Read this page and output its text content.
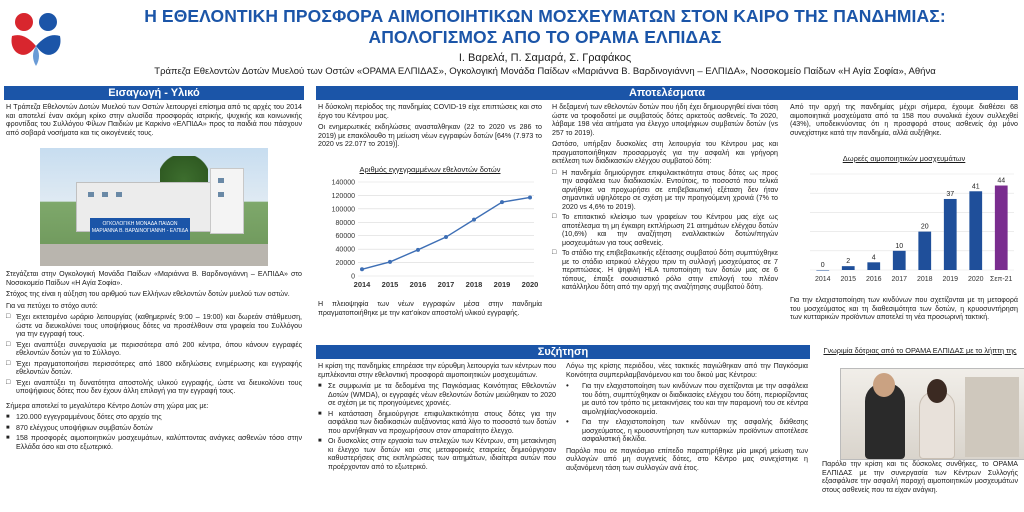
Η ΕΘΕΛΟΝΤΙΚΗ ΠΡΟΣΦΟΡΑ ΑΙΜΟΠΟΙΗΤΙΚΩΝ ΜΟΣΧΕΥΜΑΤΩΝ ΣΤΟΝ ΚΑΙΡΟ ΤΗΣ ΠΑΝΔΗΜΙΑΣ:
ΑΠΟΛΟΓΙΣΜΟΣ ΑΠΟ ΤΟ ΟΡΑΜΑ ΕΛΠΙΔΑΣ
Ι. Βαρελά, Π. Σαμαρά, Σ. Γραφάκος
Τράπεζα Εθελοντών Δοτών Μυελού των Οστών «ΟΡΑΜΑ ΕΛΠΙΔΑΣ», Ογκολογική Μονάδα Παίδων «Μαριάννα Β. Βαρδινογιάννη – ΕΛΠΙΔΑ», Νοσοκομείο Παίδων «Η Αγία Σοφία», Αθήνα
Εισαγωγή - Υλικό	Αποτελέσματα
Συζήτηση

Η Τράπεζα Εθελοντών Δοτών Μυελού των Οστών λειτουργεί επίσημα από τις αρχές του 2014 και αποτελεί έναν ακόμη κρίκο στην αλυσίδα προσφοράς ιατρικής, ψυχικής και κοινωνικής φροντίδας του Συλλόγου Φίλων Παιδιών με Καρκίνο «ΕΛΠΙΔΑ» προς τα παιδιά που πάσχουν από σοβαρά νοσήματα και τις οικογένειές τους.

ΟΓΚΟΛΟΓΙΚΗ ΜΟΝΑΔΑ ΠΑΙΔΩΝ ΜΑΡΙΑΝΝΑ Β. ΒΑΡΔΙΝΟΓΙΑΝΝΗ - ΕΛΠΙΔΑ

Στεγάζεται στην Ογκολογική Μονάδα Παίδων «Μαριάννα Β. Βαρδινογιάννη – ΕΛΠΙΔΑ» στο Νοσοκομείο Παίδων «Η Αγία Σοφία».

Στόχος της είναι η αύξηση του αριθμού των Ελλήνων εθελοντών δοτών μυελού των οστών.

Για να πετύχει το στόχο αυτό:

□ Έχει εκτεταμένο ωράριο λειτουργίας (καθημερινές 9:00 – 19:00) και δωρεάν στάθμευση, ώστε να διευκολύνει τους υποψήφιους δότες να προσέλθουν στα γραφεία του Συλλόγου για την εγγραφή τους.
□ Έχει αναπτύξει συνεργασία με περισσότερα από 200 κέντρα, όπου κάνουν εγγραφές εθελοντών δοτών για το Σύλλογο.
□ Έχει πραγματοποιήσει περισσότερες από 1800 εκδηλώσεις ενημέρωσης και εγγραφής εθελοντών δοτών.
□ Έχει αναπτύξει τη δυνατότητα αποστολής υλικού εγγραφής, ώστε να διευκολύνει τους υποψήφιους δότες που δεν έχουν άλλη επιλογή για την εγγραφή τους.

Σήμερα αποτελεί το μεγαλύτερο Κέντρο Δοτών στη χώρα μας με:

■ 120.000 εγγεγραμμένους δότες στο αρχείο της
■ 870 ελέγχους υποψήφιων συμβατών δοτών
■ 158 προσφορές αιμοποιητικών μοσχευμάτων, καλύπτοντας ανάγκες ασθενών τόσο στην Ελλάδα όσο και στο εξωτερικό.

Η δύσκολη περίοδος της πανδημίας COVID-19 είχε επιπτώσεις και στο έργο του Κέντρου μας.

Οι ενημερωτικές εκδηλώσεις ανασταλθηκαν (22 το 2020 vs 286 το 2019) με επακόλουθο τη μείωση νέων εγγραφών δοτών [64% (7.973 το 2020 vs 22.077 το 2019)].

Αριθμός εγγεγραμμένων εθελοντών δοτών
0
20000
40000
60000
80000
100000
120000
140000
2014 2015 2016 2017 2018 2019 2020

Η πλειοψηφία των νέων εγγραφών μέσα στην πανδημία πραγματοποιήθηκε με την κατ'οίκον αποστολή υλικού εγγραφής.

Η δεξαμενή των εθελοντών δοτών που ήδη έχει δημιουργηθεί είναι τόση ώστε να τροφοδοτεί με συμβατούς δότες αρκετούς ασθενείς. Το 2020, λάβαμε 198 νέα αιτήματα για έλεγχο υποψήφιων συμβατών δοτών (vs 257 το 2019).

Ωστόσο, υπήρξαν δυσκολίες στη λειτουργία του Κέντρου μας και πραγματοποιήθηκαν προσαρμογές για την ασφαλή και γρήγορη εκτέλεση των διαδικασιών ελέγχου συμβατού δότη:

□ Η πανδημία δημιούργησε επιφυλακτικότητα στους δότες ως προς την ασφάλεια των διαδικασιών. Εντούτοις, το ποσοστό που τελικά αρνήθηκε να προχωρήσει σε επιβεβαιωτική εξέταση δεν ήταν σημαντικά υψηλότερο σε σχέση με την προηγούμενη χρονιά (7% το 2020 vs 4,6% το 2019).
□ Το επιτακτικό κλείσιμο των γραφείων του Κέντρου μας είχε ως αποτέλεσμα τη μη έγκαιρη εκπλήρωση 21 αιτημάτων ελέγχου δοτών (10,6%) και την αναζήτηση εναλλακτικών δοτών/πηγών μοσχευμάτων για τους ασθενείς.
□ Το στάδιο της επιβεβαιωτικής εξέτασης συμβατού δότη συμπτύχθηκε με το στάδιο ιατρικού ελέγχου πριν τη συλλογή μοσχεύματος σε 7 περιπτώσεις. Η ψηφιλή HLA τυποποίηση των δοτών μας σε 6 τόπους, έπαιξε σουσιαστικό ρόλο στην επιλογή του πλέον κατάλληλου δότη από την αρχή της αναζήτησης συμβατού δότη.

Από την αρχή της πανδημίας μέχρι σήμερα, έχουμε διαθέσει 68 αιμοποιητικά μοσχεύματα από τα 158 που συνολικά έχουν συλλεχθεί (43%), υποδεικνύοντας ότι η προσφορά στους ασθενείς όχι μόνο συνεχίστηκε κατά την πανδημία, αλλά αυξήθηκε.

Δωρεές αιμοποιητικών μοσχευμάτων
0
2014
2
2015
4
2016
10
2017
20
2018
37
2019
41
2020
44
Σεπ-21

Για την ελαχιστοποίηση των κινδύνων που σχετίζονται με τη μεταφορά του μοσχεύματος και τη διαθεσιμότητα των δοτών, η κρυοσυντήρηση των κυτταρικών προϊόντων αποτελεί τη νέα προσωρινή τακτική.

Η κρίση της πανδημίας επηρέασε την εύρυθμη λειτουργία των κέντρων που εμπλέκονται στην εθελοντική προσφορά αιμοποιητικών μοσχευμάτων.

■ Σε συμφωνία με τα δεδομένα της Παγκόσμιας Κοινότητας Εθελοντών Δοτών (WMDA), οι εγγραφές νέων εθελοντών δοτών μειώθηκαν το 2020 σε σχέση με τις προηγούμενες χρονιές.
■ Η κατάσταση δημιούργησε επιφυλακτικότητα στους δότες για την ασφάλεια των διαδικασιών αυξάνοντας κατά λίγο το ποσοστό των δοτών που αρνήθηκαν να προχωρήσουν στον απαραίτητο έλεγχο.
■ Οι δυσκολίες στην εργασία των στελεχών των Κέντρων, στη μετακίνηση κι έλεγχο των δοτών και στις μεταφορικές εταιρείες δημιούργησαν καθυστερήσεις στις εκπληρώσεις των αιτημάτων, ιδιαίτερα αυτών που προέρχονταν από το εξωτερικό.

Λόγω της κρίσης περιόδου, νέες τακτικές παγιώθηκαν από την Παγκόσμια Κοινότητα συμπεριλαμβανόμενου και του δικού μας Κέντρου:

• Για την ελαχιστοποίηση των κινδύνων που σχετίζονται με την ασφάλεια του δότη, συμπτύχθηκαν οι διαδικασίες ελέγχου του δότη, περιορίζοντας με αυτό τον τρόπο τις μετακινήσεις του και την παραμονή του σε κέντρα αιμοληψίας/νοσοκομεία.
• Για την ελαχιστοποίηση των κινδύνων της ασφαλής διάθεσης μοσχεύματος, η κρυοσυντήρηση των κυτταρικών προϊόντων αποτέλεσε ασφαλιστική δικλίδα.

Παρόλο που σε παγκόσμιο επίπεδο παρατηρήθηκε μία μικρή μείωση των συλλογών από μη συγγενείς δότες, στο Κέντρο μας συνεχίστηκε η αυξανόμενη τάση των συλλογών ανά έτος.

Γνωριμία δότριας από το ΟΡΑΜΑ ΕΛΠΙΔΑΣ με το λήπτη της

Παρόλο την κρίση και τις δύσκολες συνθήκες, το ΟΡΑΜΑ ΕΛΠΙΔΑΣ με την συνεργασία των Κέντρων Συλλογής εξασφάλισε την ασφαλή παροχή αιμοποιητικών μοσχευμάτων στους ασθενείς που τα είχαν ανάγκη.
